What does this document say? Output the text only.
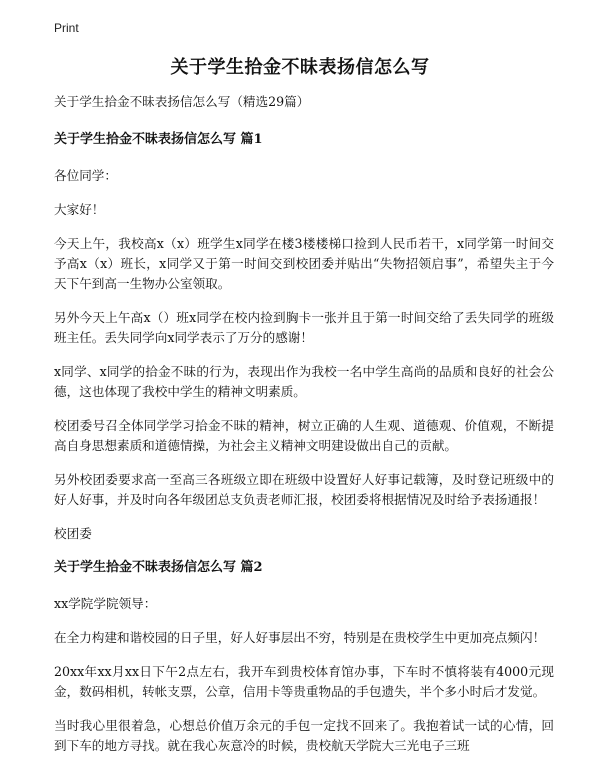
Print
关于学生拾金不昧表扬信怎么写

关于学生拾金不昧表扬信怎么写（精选29篇）

关于学生拾金不昧表扬信怎么写 篇1

各位同学：

大家好！

今天上午，我校高x（x）班学生x同学在楼3楼楼梯口捡到人民币若干，x同学第一时间交予高x（x）班长，x同学又于第一时间交到校团委并贴出“失物招领启事”，希望失主于今天下午到高一生物办公室领取。

另外今天上午高x（）班x同学在校内捡到胸卡一张并且于第一时间交给了丢失同学的班级班主任。丢失同学向x同学表示了万分的感谢！

x同学、x同学的拾金不昧的行为，表现出作为我校一名中学生高尚的品质和良好的社会公德，这也体现了我校中学生的精神文明素质。

校团委号召全体同学学习拾金不昧的精神，树立正确的人生观、道德观、价值观，不断提高自身思想素质和道德情操，为社会主义精神文明建设做出自己的贡献。

另外校团委要求高一至高三各班级立即在班级中设置好人好事记载簿，及时登记班级中的好人好事，并及时向各年级团总支负责老师汇报，校团委将根据情况及时给予表扬通报！

校团委

关于学生拾金不昧表扬信怎么写 篇2

xx学院学院领导：

在全力构建和谐校园的日子里，好人好事层出不穷，特别是在贵校学生中更加亮点频闪！

20xx年xx月xx日下午2点左右，我开车到贵校体育馆办事，下车时不慎将装有4000元现金，数码相机，转帐支票，公章，信用卡等贵重物品的手包遗失，半个多小时后才发觉。

当时我心里很着急，心想总价值万余元的手包一定找不回来了。我抱着试一试的心情，回到下车的地方寻找。就在我心灰意冷的时候，贵校航天学院大三光电子三班
